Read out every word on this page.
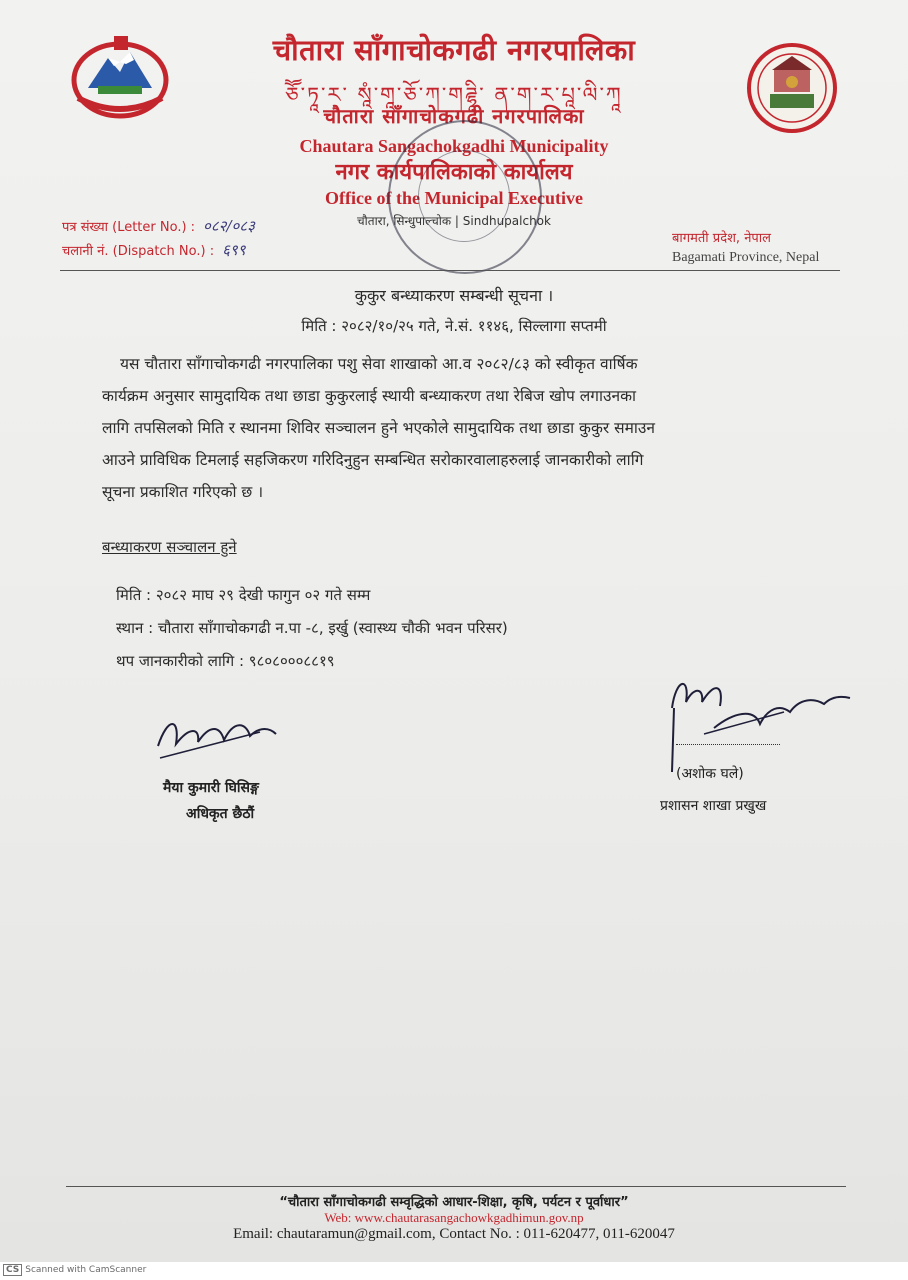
चौतारा साँगाचोकगढी नगरपालिका
ཅཽ་ཏཱ་ར་ སཱཾ་གཱ་ཅོ་ཀ་གཌྷཱི་ ན་ག་ར་པཱ་ལི་ཀཱ
चौतारा साँगाचोकगढी नगरपालिका
Chautara Sangachokgadhi Municipality
नगर कार्यपालिकाको कार्यालय
Office of the Municipal Executive
चौतारा, सिन्धुपाल्चोक | Sindhupalchok
पत्र संख्या (Letter No.) : ०८२/०८३
चलानी नं. (Dispatch No.) : ६९९
बागमती प्रदेश, नेपाल
Bagamati Province, Nepal
कुकुर बन्ध्याकरण सम्बन्धी सूचना ।
मिति : २०८२/१०/२५ गते, ने.सं. ११४६, सिल्लागा सप्तमी
यस चौतारा साँगाचोकगढी नगरपालिका पशु सेवा शाखाको आ.व २०८२/८३ को स्वीकृत वार्षिक
कार्यक्रम अनुसार सामुदायिक तथा छाडा कुकुरलाई स्थायी बन्ध्याकरण तथा रेबिज खोप लगाउनका
लागि तपसिलको मिति र स्थानमा शिविर सञ्चालन हुने भएकोले सामुदायिक तथा छाडा कुकुर समाउन
आउने प्राविधिक टिमलाई सहजिकरण गरिदिनुहुन सम्बन्धित सरोकारवालाहरुलाई जानकारीको लागि
सूचना प्रकाशित गरिएको छ ।
बन्ध्याकरण सञ्चालन हुने
मिति : २०८२ माघ २९ देखी फागुन ०२ गते सम्म
स्थान : चौतारा साँगाचोकगढी न.पा -८, इर्खु (स्वास्थ्य चौकी भवन परिसर)
थप जानकारीको लागि : ९८०८०००८८१९
मैया कुमारी घिसिङ्ग
अधिकृत छैठौं
(अशोक घले)
प्रशासन शाखा प्रखुख
“चौतारा साँगाचोकगढी सम्वृद्धिको आधार-शिक्षा, कृषि, पर्यटन र पूर्वाधार”
Web: www.chautarasangachowkgadhimun.gov.np
Email: chautaramun@gmail.com, Contact No. : 011-620477, 011-620047
CS Scanned with CamScanner
